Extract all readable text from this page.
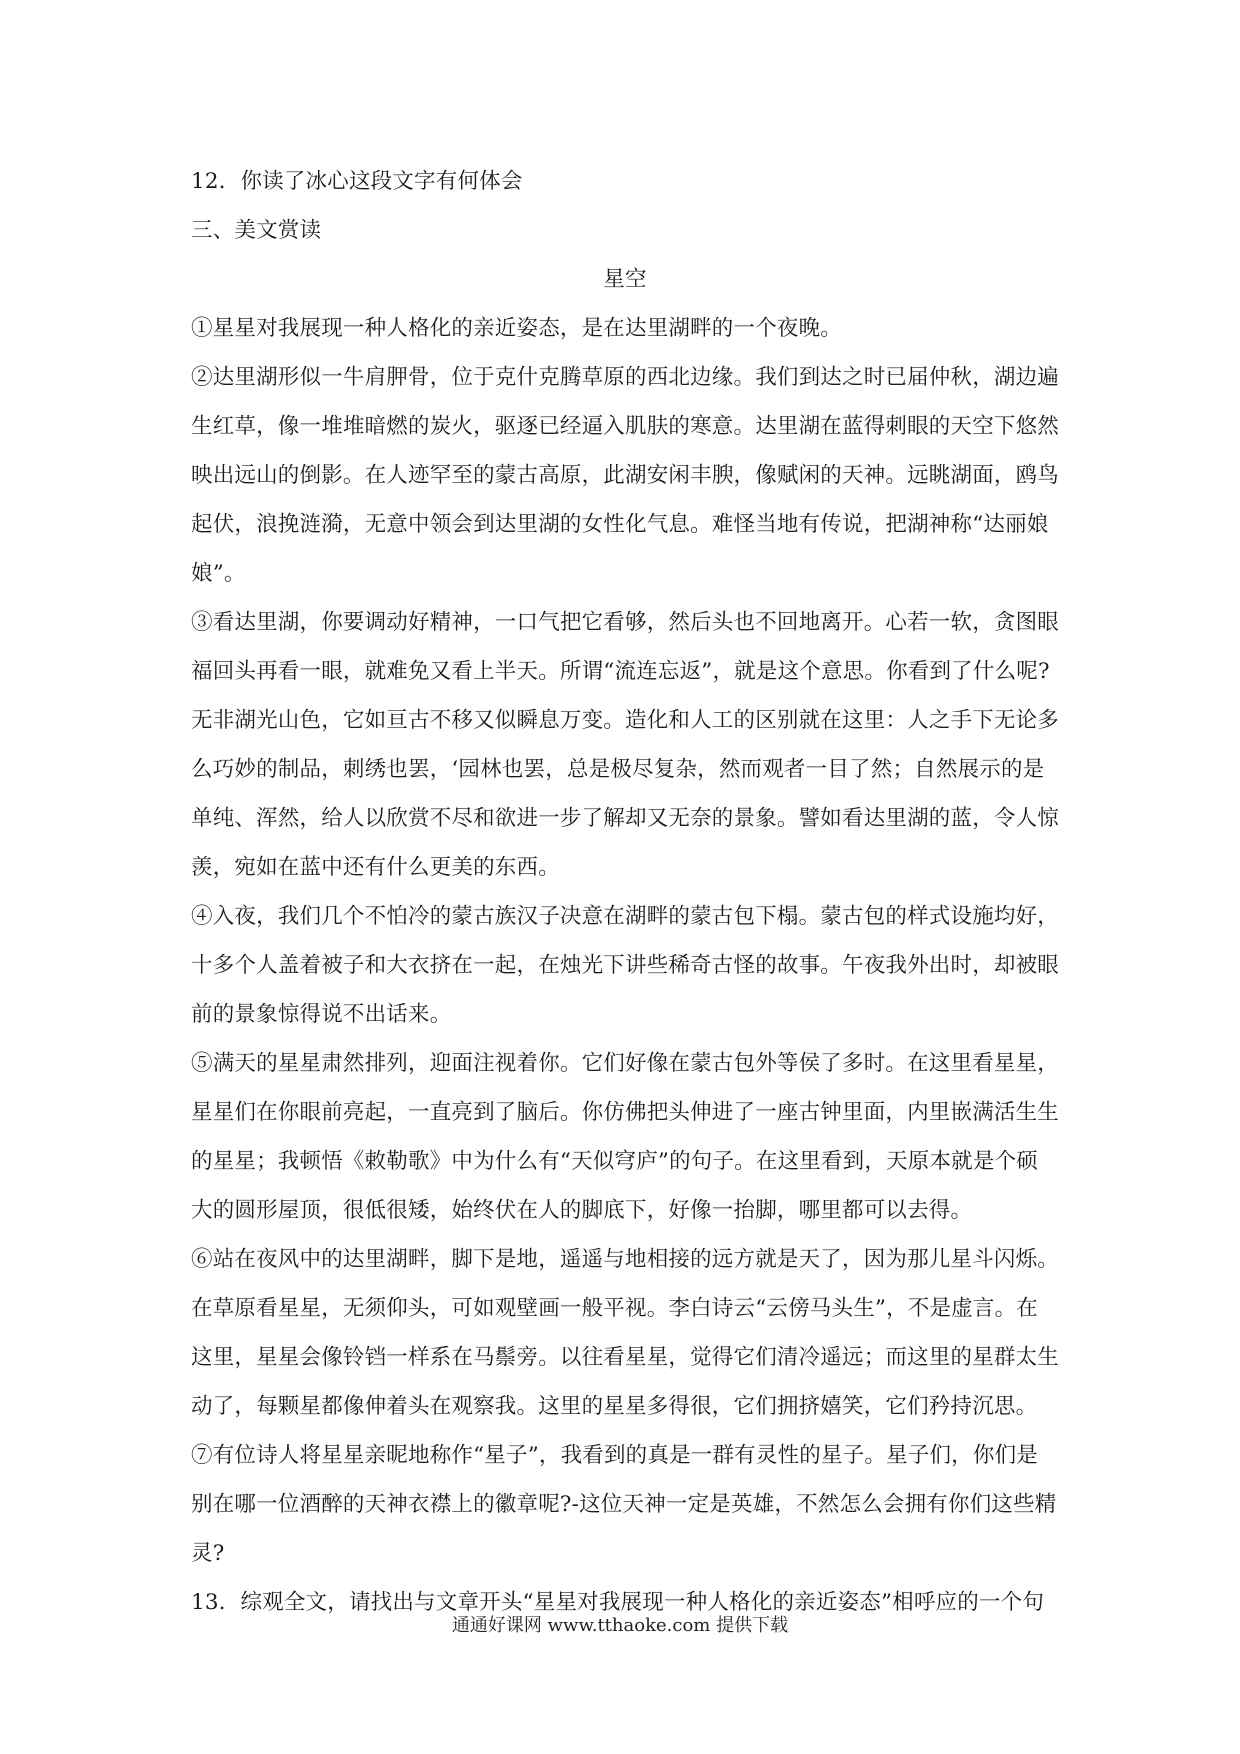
12．你读了冰心这段文字有何体会
三、美文赏读
星空
①星星对我展现一种人格化的亲近姿态，是在达里湖畔的一个夜晚。
②达里湖形似一牛肩胛骨，位于克什克腾草原的西北边缘。我们到达之时已届仲秋，湖边遍
生红草，像一堆堆暗燃的炭火，驱逐已经逼入肌肤的寒意。达里湖在蓝得刺眼的天空下悠然
映出远山的倒影。在人迹罕至的蒙古高原，此湖安闲丰腴，像赋闲的天神。远眺湖面，鸥鸟
起伏，浪挽涟漪，无意中领会到达里湖的女性化气息。难怪当地有传说，把湖神称“达丽娘
娘”。
③看达里湖，你要调动好精神，一口气把它看够，然后头也不回地离开。心若一软，贪图眼
福回头再看一眼，就难免又看上半天。所谓“流连忘返”，就是这个意思。你看到了什么呢?
无非湖光山色，它如亘古不移又似瞬息万变。造化和人工的区别就在这里：人之手下无论多
么巧妙的制品，刺绣也罢，‘园林也罢，总是极尽复杂，然而观者一目了然；自然展示的是
单纯、浑然，给人以欣赏不尽和欲进一步了解却又无奈的景象。譬如看达里湖的蓝，令人惊
羡，宛如在蓝中还有什么更美的东西。
④入夜，我们几个不怕冷的蒙古族汉子决意在湖畔的蒙古包下榻。蒙古包的样式设施均好，
十多个人盖着被子和大衣挤在一起，在烛光下讲些稀奇古怪的故事。午夜我外出时，却被眼
前的景象惊得说不出话来。
⑤满天的星星肃然排列，迎面注视着你。它们好像在蒙古包外等侯了多时。在这里看星星，
星星们在你眼前亮起，一直亮到了脑后。你仿佛把头伸进了一座古钟里面，内里嵌满活生生
的星星；我顿悟《敕勒歌》中为什么有“天似穹庐”的句子。在这里看到，天原本就是个硕
大的圆形屋顶，很低很矮，始终伏在人的脚底下，好像一抬脚，哪里都可以去得。
⑥站在夜风中的达里湖畔，脚下是地，遥遥与地相接的远方就是天了，因为那儿星斗闪烁。
在草原看星星，无须仰头，可如观壁画一般平视。李白诗云“云傍马头生”，不是虚言。在
这里，星星会像铃铛一样系在马鬃旁。以往看星星，觉得它们清冷遥远；而这里的星群太生
动了，每颗星都像伸着头在观察我。这里的星星多得很，它们拥挤嬉笑，它们矜持沉思。
⑦有位诗人将星星亲昵地称作“星子”，我看到的真是一群有灵性的星子。星子们，你们是
别在哪一位酒醉的天神衣襟上的徽章呢?-这位天神一定是英雄，不然怎么会拥有你们这些精
灵?
13．综观全文，请找出与文章开头“星星对我展现一种人格化的亲近姿态”相呼应的一个句
通通好课网 www.tthaoke.com 提供下载
